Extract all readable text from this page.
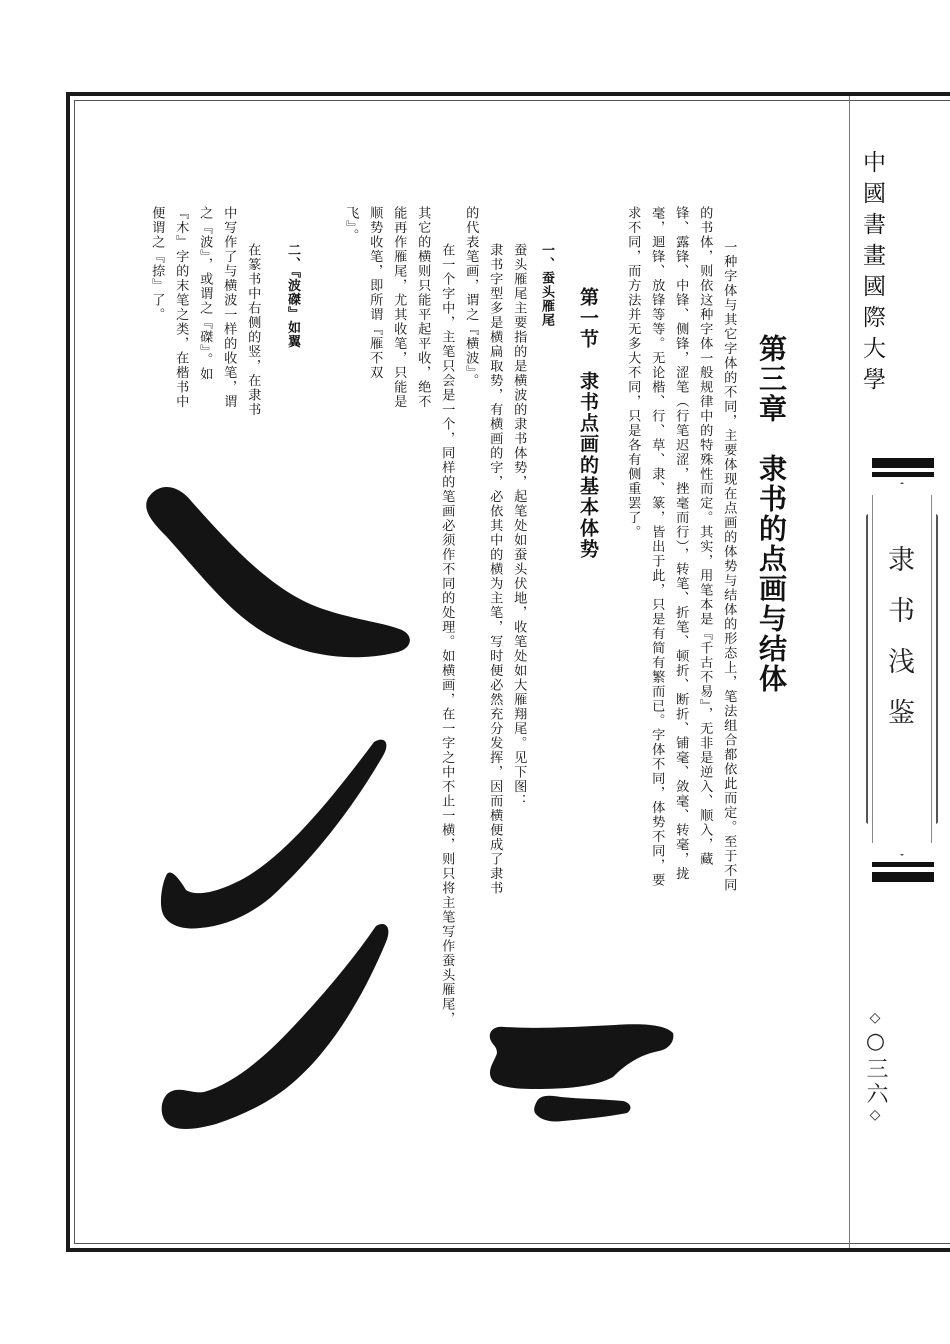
中國書畫國際大學
隶书浅鉴
◇○三六◇
第三章　隶书的点画与结体
一种字体与其它字体的不同，主要体现在点画的体势与结体的形态上，笔法组合都依此而定。至于不同
的书体，则依这种字体一般规律中的特殊性而定。其实，用笔本是『千古不易』，无非是逆入、顺入，藏
锋、露锋、中锋、侧锋，涩笔（行笔迟涩，挫毫而行），转笔、折笔、顿折、断折、铺毫、敛毫、转毫，拢
毫，迴锋、放锋等等。无论楷、行、草、隶、篆，皆出于此，只是有简有繁而已。字体不同，体势不同，要
求不同，而方法并无多大不同，只是各有侧重罢了。
第一节　隶书点画的基本体势
一、蚕头雁尾
蚕头雁尾主要指的是横波的隶书体势，起笔处如蚕头伏地，收笔处如大雁翔尾。见下图：
隶书字型多是横扁取势，有横画的字，必依其中的横为主笔，写时便必然充分发挥，因而横便成了隶书
的代表笔画，谓之『横波』。
在一个字中，主笔只会是一个，同样的笔画必须作不同的处理。如横画，在一字之中不止一横，则只将主笔写作蚕头雁尾，
其它的横则只能平起平收，绝不
能再作雁尾，尤其收笔，只能是
顺势收笔，即所谓『雁不双
飞』。
二、『波磔』如翼
在篆书中右侧的竖，在隶书
中写作了与横波一样的收笔，谓
之『波』，或谓之『磔』。如
『木』字的末笔之类，在楷书中
便谓之『捺』了。
